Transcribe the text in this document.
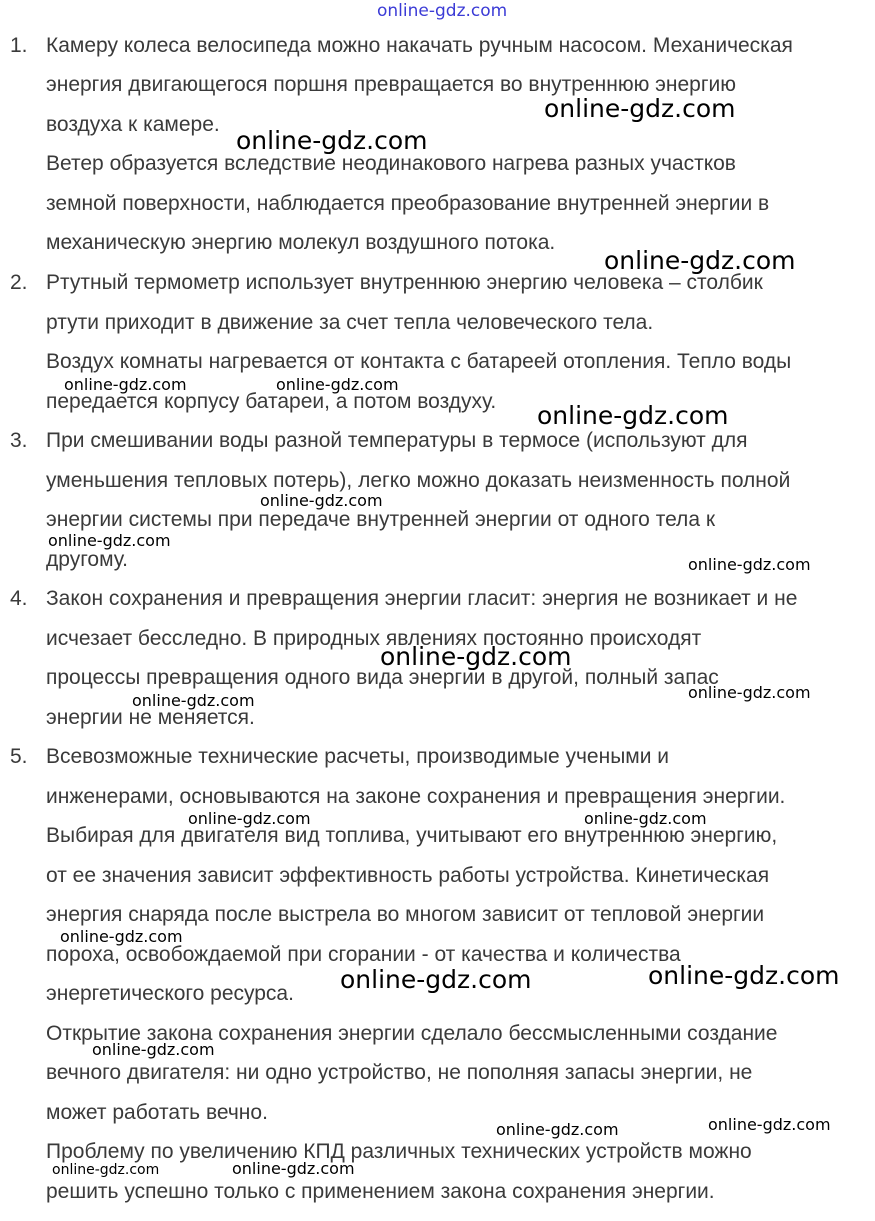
online-gdz.com
1. Камеру колеса велосипеда можно накачать ручным насосом. Механическая
энергия двигающегося поршня превращается во внутреннюю энергию
воздуха к камере.
Ветер образуется вследствие неодинакового нагрева разных участков
земной поверхности, наблюдается преобразование внутренней энергии в
механическую энергию молекул воздушного потока.
2. Ртутный термометр использует внутреннюю энергию человека – столбик
ртути приходит в движение за счет тепла человеческого тела.
Воздух комнаты нагревается от контакта с батареей отопления. Тепло воды
передается корпусу батареи, а потом воздуху.
3. При смешивании воды разной температуры в термосе (используют для
уменьшения тепловых потерь), легко можно доказать неизменность полной
энергии системы при передаче внутренней энергии от одного тела к
другому.
4. Закон сохранения и превращения энергии гласит: энергия не возникает и не
исчезает бесследно. В природных явлениях постоянно происходят
процессы превращения одного вида энергии в другой, полный запас
энергии не меняется.
5. Всевозможные технические расчеты, производимые учеными и
инженерами, основываются на законе сохранения и превращения энергии.
Выбирая для двигателя вид топлива, учитывают его внутреннюю энергию,
от ее значения зависит эффективность работы устройства. Кинетическая
энергия снаряда после выстрела во многом зависит от тепловой энергии
пороха, освобождаемой при сгорании - от качества и количества
энергетического ресурса.
Открытие закона сохранения энергии сделало бессмысленными создание
вечного двигателя: ни одно устройство, не пополняя запасы энергии, не
может работать вечно.
Проблему по увеличению КПД различных технических устройств можно
решить успешно только с применением закона сохранения энергии.
online-gdz.com
online-gdz.com
online-gdz.com
online-gdz.com	online-gdz.com
online-gdz.com
online-gdz.com
online-gdz.com
online-gdz.com
online-gdz.com
online-gdz.com
online-gdz.com
online-gdz.com	online-gdz.com
online-gdz.com
online-gdz.com
online-gdz.com
online-gdz.com
online-gdz.com	online-gdz.com
online-gdz.com	online-gdz.com
